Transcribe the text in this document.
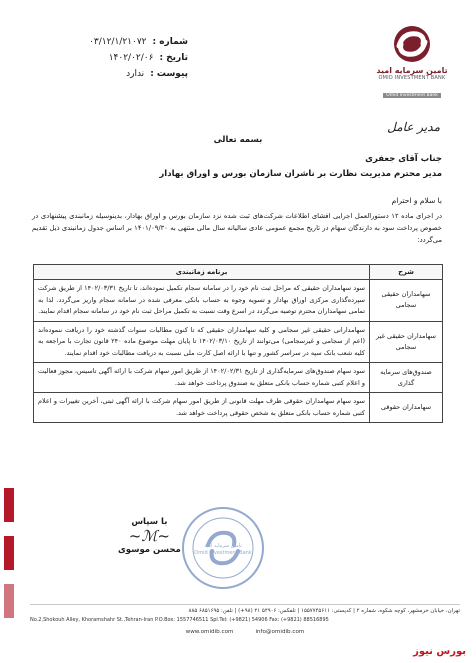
شماره :
۰۳/۱۲/۱/۲۱۰۷۲
تاریخ :
۱۴۰۲/۰۲/۰۶
پیوست :
ندارد	تامین سرمایه امید
OMID INVESTMENT BANK
Omid Investment Bank
مدیر عامل
بسمه تعالی
جناب آقای جعفری
مدیر محترم مدیریت نظارت بر ناشران سازمان بورس و اوراق بهادار
با سلام و احترام
در اجرای ماده ۱۲ دستورالعمل اجرایی افشای اطلاعات شرکت‌های ثبت شده نزد سازمان بورس و اوراق بهادار، بدینوسیله زمانبندی پیشنهادی در خصوص پرداخت سود به دارندگان سهام در تاریخ مجمع عمومی عادی سالیانه سال مالی منتهی به ۱۴۰۱/۰۹/۳۰ بر اساس جدول زمانبندی ذیل تقدیم می‌گردد:
شرح	برنامه زمانبندی
سهامداران حقیقی سجامی	سود سهامداران حقیقی که مراحل ثبت نام خود را در سامانه سجام تکمیل نموده‌اند، تا تاریخ ۱۴۰۲/۰۳/۳۱ از طریق شرکت سپرده‌گذاری مرکزی اوراق بهادار و تسویه وجوه به حساب بانکی معرفی شده در سامانه سجام واریز می‌گردد. لذا به تمامی سهامداران محترم توصیه می‌گردد در اسرع وقت نسبت به تکمیل مراحل ثبت نام خود در سامانه سجام اقدام نمایند.
سهامداران حقیقی غیر سجامی	سهامدارانی حقیقی غیر سجامی و کلیه سهامداران حقیقی که تا کنون مطالبات سنوات گذشته خود را دریافت ننموده‌اند (اعم از سجامی و غیرسجامی) می‌توانند از تاریخ ۱۴۰۲/۰۳/۱۰ تا پایان مهلت موضوع ماده ۲۴۰ قانون تجارت با مراجعه به کلیه شعب بانک سپه در سراسر کشور و تنها با ارائه اصل کارت ملی نسبت به دریافت مطالبات خود اقدام نمایند.
صندوق‌های سرمایه گذاری	سود سهام صندوق‌های سرمایه‌گذاری از تاریخ ۱۴۰۲/۰۲/۳۱ از طریق امور سهام شرکت با ارائه آگهی تاسیس، مجوز فعالیت و اعلام کتبی شماره حساب بانکی متعلق به صندوق پرداخت خواهد شد.
سهامداران حقوقی	سود سهام سهامداران حقوقی ظرف مهلت قانونی از طریق امور سهام شرکت با ارائه آگهی ثبتی، آخرین تغییرات و اعلام کتبی شماره حساب بانکی متعلق به شخص حقوقی پرداخت خواهد شد.
تامین سرمایه امید
Omid Investment Bank
با سپاس
~ℳ~
محسن موسوی
تهران، خیابان خرمشهر، کوچه شکوه، شماره ۲ | کدپستی: ۱۵۵۷۷۴۵۶۱۱ | تلفکس: ۵۴۹۰۶ ۲۱ (۹۸+) | تلفن: ۶۸۵۱۶۹۵ ۸۸۵
No.2,Shokouh Alley, Khoramshahr St.,Tehran-Iran P.O.Box: 1557746511 Spl.Tel: (+9821) 54906 Fax: (+9821) 88516895
www.omidib.com	info@omidib.com
بورس نیوز
